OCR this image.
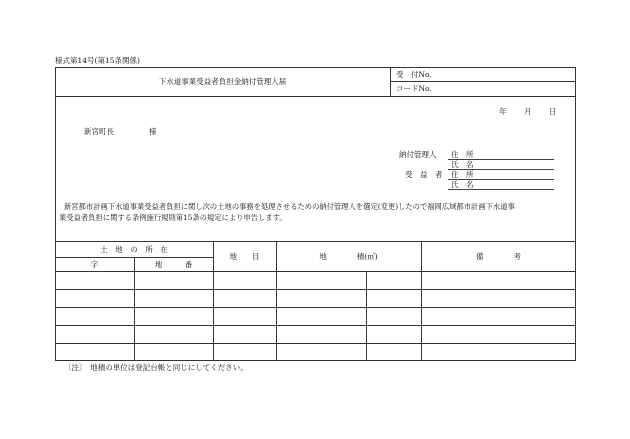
様式第14号(第15条関係)
下水道事業受益者負担金納付管理人届
受　付No.
コードNo.
年 月 日
新宮町長	様
納付管理人 住　所
氏　名
受　益　者 住　所
氏　名
新宮都市計画下水道事業受益者負担に関し次の土地の事務を処理させるための納付管理人を選定(変更)したので福岡広域都市計画下水道事
業受益者負担に関する条例施行規則第15条の規定により申告します。
土　地　の　所　在
字	地　　　番
地　　目	地　　　　積(㎡)	備　　　　考
〔注〕　地積の単位は登記台帳と同じにしてください。
